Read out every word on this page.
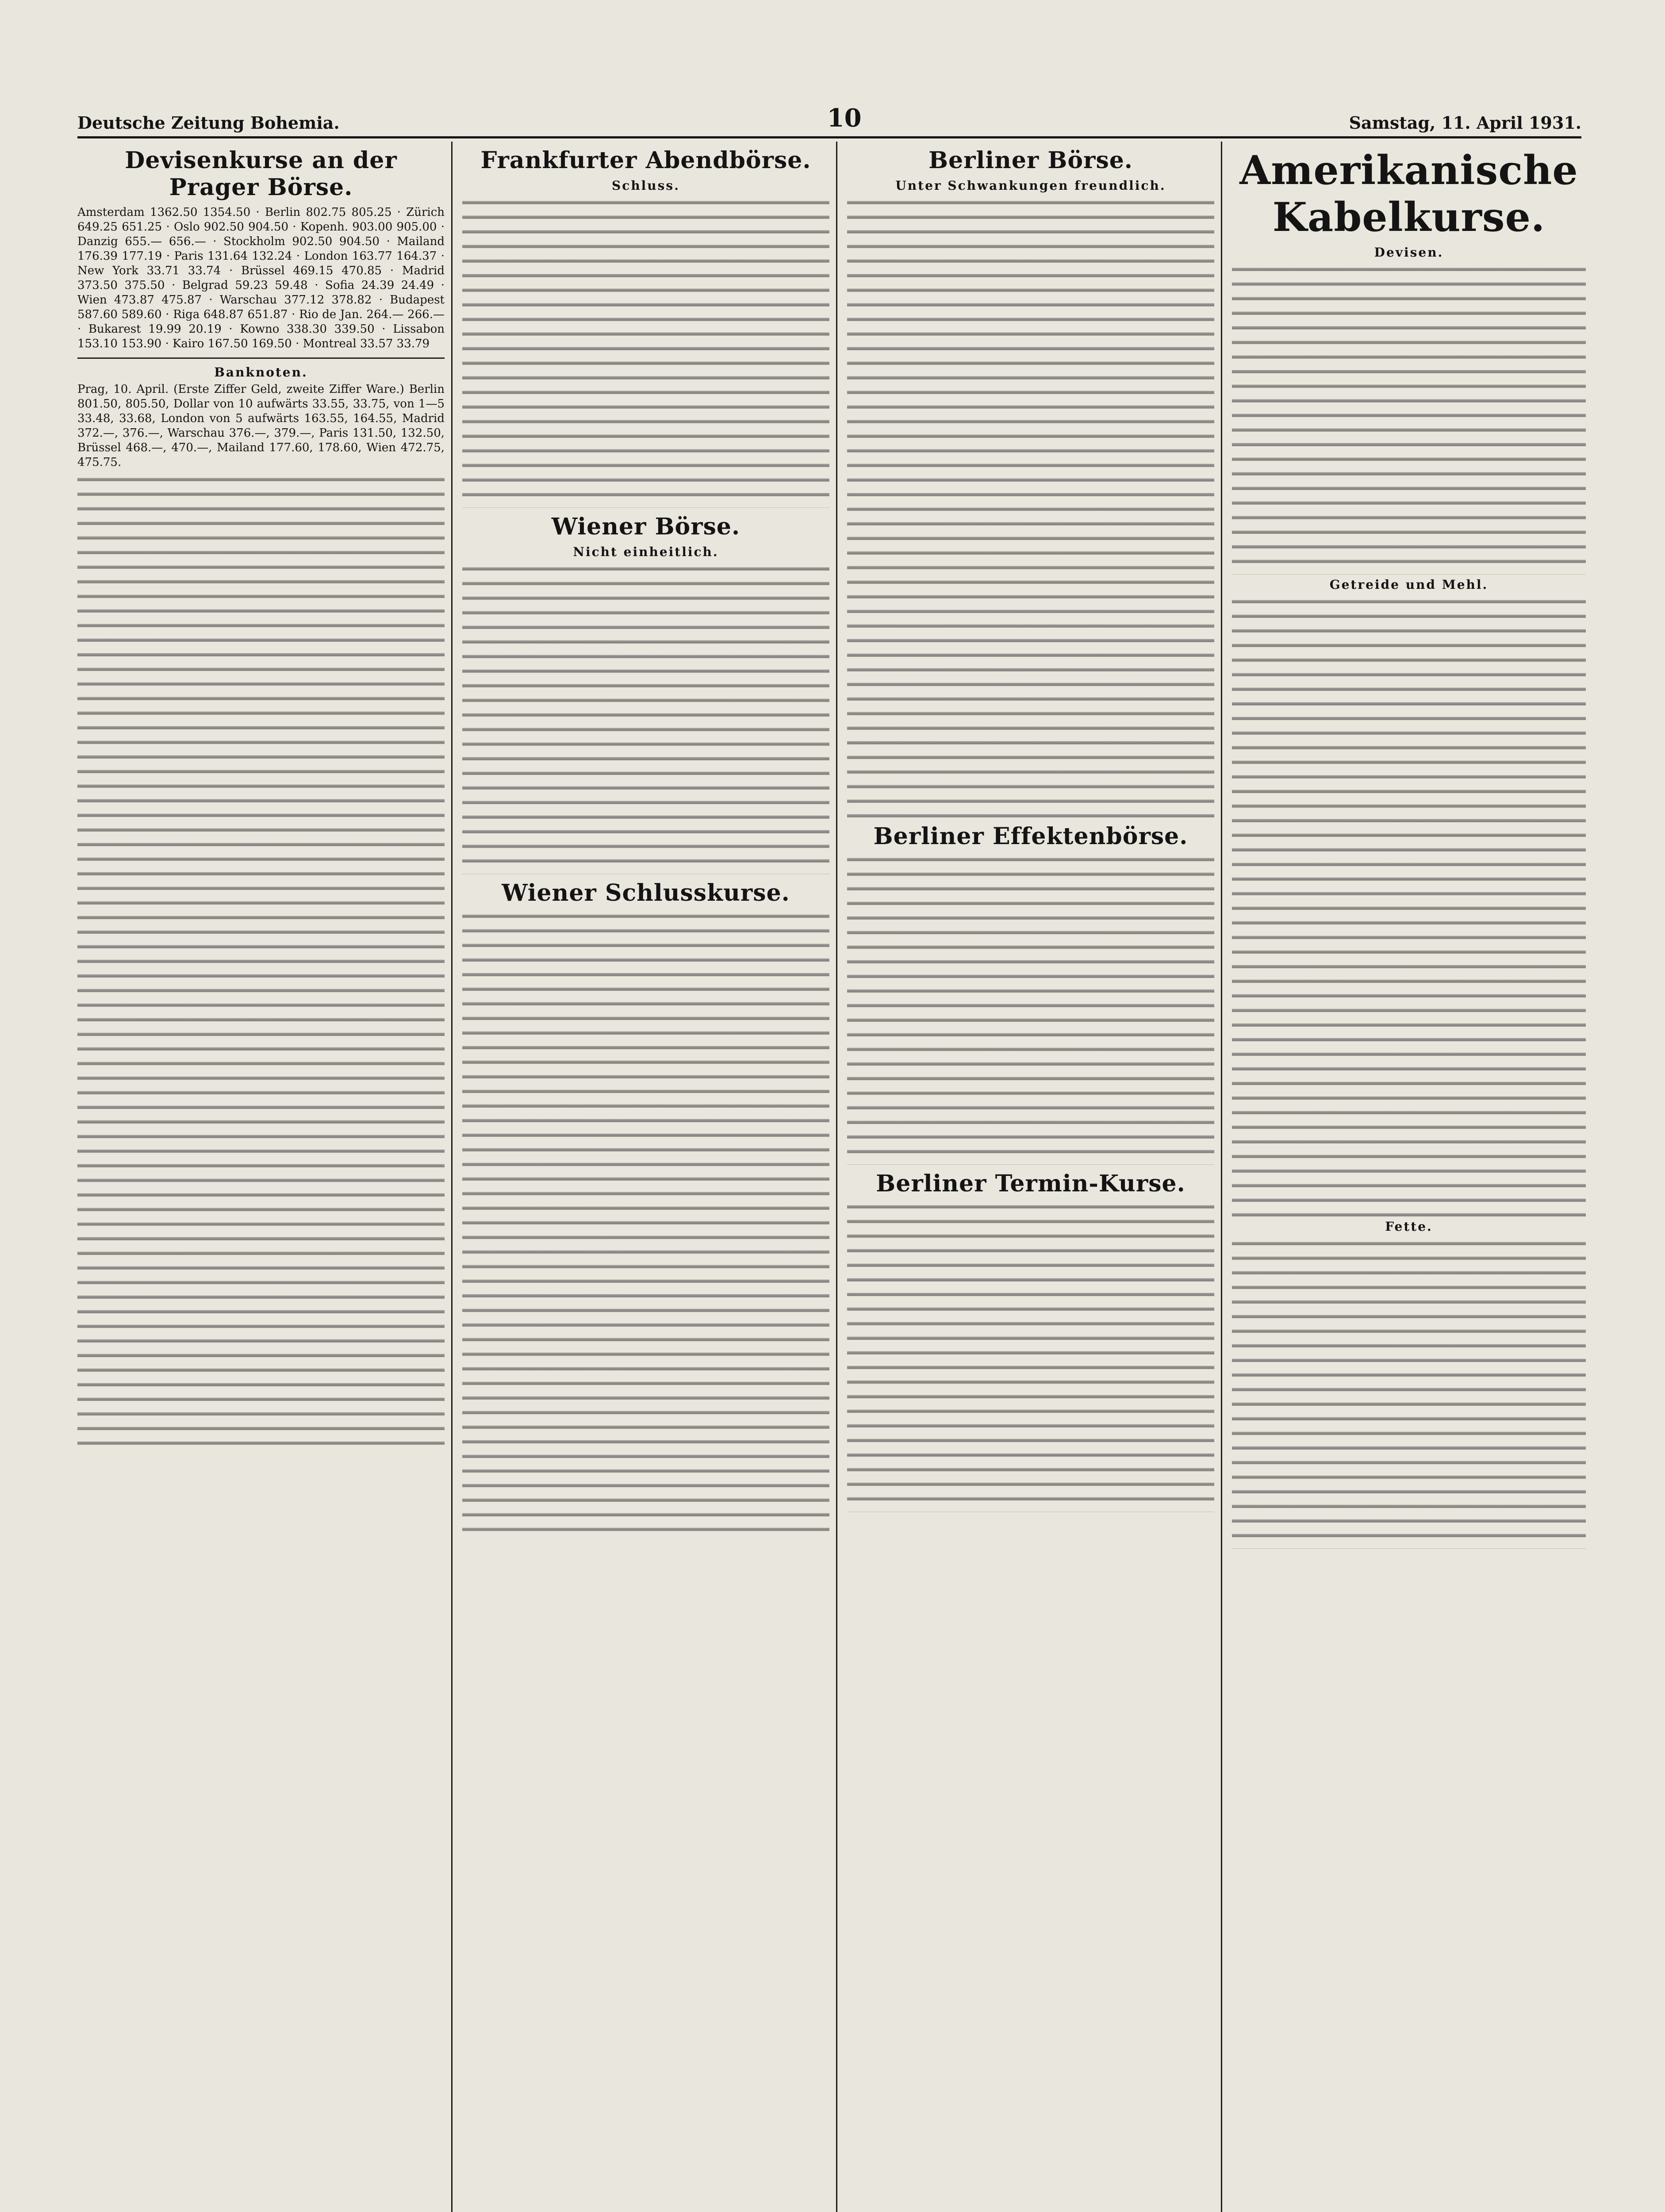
Deutsche Zeitung Bohemia.	10	Samstag, 11. April 1931.
Devisenkurse an der Prager Börse.

Amsterdam 1362.50 1354.50 · Berlin 802.75 805.25 · Zürich 649.25 651.25 · Oslo 902.50 904.50 · Kopenh. 903.00 905.00 · Danzig 655.— 656.— · Stockholm 902.50 904.50 · Mailand 176.39 177.19 · Paris 131.64 132.24 · London 163.77 164.37 · New York 33.71 33.74 · Brüssel 469.15 470.85 · Madrid 373.50 375.50 · Belgrad 59.23 59.48 · Sofia 24.39 24.49 · Wien 473.87 475.87 · Warschau 377.12 378.82 · Budapest 587.60 589.60 · Riga 648.87 651.87 · Rio de Jan. 264.— 266.— · Bukarest 19.99 20.19 · Kowno 338.30 339.50 · Lissabon 153.10 153.90 · Kairo 167.50 169.50 · Montreal 33.57 33.79

Banknoten.

Prag, 10. April. (Erste Ziffer Geld, zweite Ziffer Ware.) Berlin 801.50, 805.50, Dollar von 10 aufwärts 33.55, 33.75, von 1—5 33.48, 33.68, London von 5 aufwärts 163.55, 164.55, Madrid 372.—, 376.—, Warschau 376.—, 379.—, Paris 131.50, 132.50, Brüssel 468.—, 470.—, Mailand 177.60, 178.60, Wien 472.75, 475.75.

Frankfurter Abendbörse.
Schluss.
Wiener Börse.
Nicht einheitlich.
Wiener Schlusskurse.
Berliner Börse.
Unter Schwankungen freundlich.
Berliner Effektenbörse.
Berliner Termin-Kurse.
Amerikanische Kabelkurse.
Devisen.
Getreide und Mehl.
Fette.
